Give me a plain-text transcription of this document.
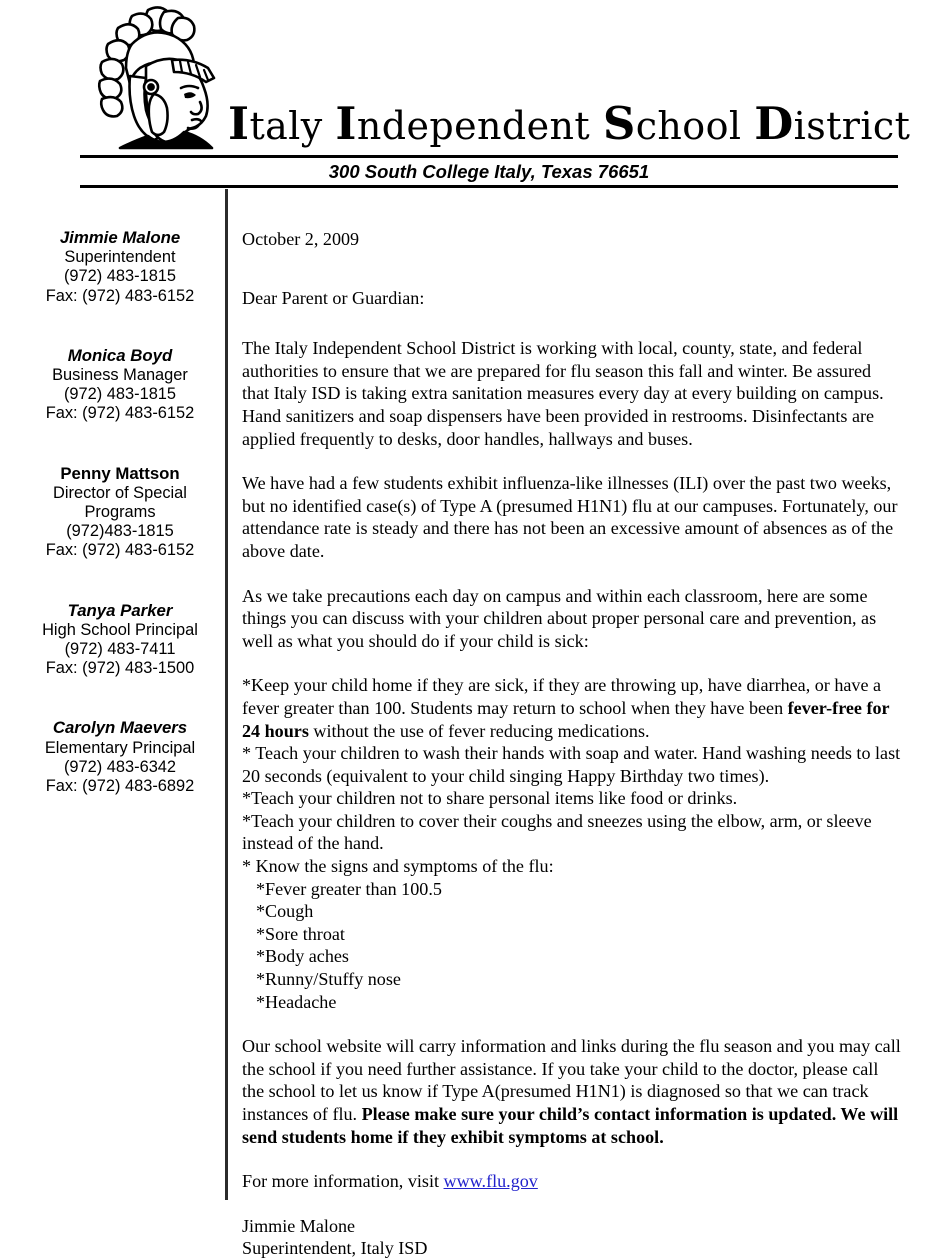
Italy Independent School District
300 South College Italy, Texas 76651
Jimmie Malone
Superintendent
(972) 483-1815
Fax: (972) 483-6152
Monica Boyd
Business Manager
(972) 483-1815
Fax: (972) 483-6152
Penny Mattson
Director of Special
Programs
(972)483-1815
Fax: (972) 483-6152
Tanya Parker
High School Principal
(972) 483-7411
Fax: (972) 483-1500
Carolyn Maevers
Elementary Principal
(972) 483-6342
Fax: (972) 483-6892

October 2, 2009

Dear Parent or Guardian:

The Italy Independent School District is working with local, county, state, and federal authorities to ensure that we are prepared for flu season this fall and winter. Be assured that Italy ISD is taking extra sanitation measures every day at every building on campus. Hand sanitizers and soap dispensers have been provided in restrooms. Disinfectants are applied frequently to desks, door handles, hallways and buses.

We have had a few students exhibit influenza-like illnesses (ILI) over the past two weeks, but no identified case(s) of Type A (presumed H1N1) flu at our campuses. Fortunately, our attendance rate is steady and there has not been an excessive amount of absences as of the above date.

As we take precautions each day on campus and within each classroom, here are some things you can discuss with your children about proper personal care and prevention, as well as what you should do if your child is sick:

*Keep your child home if they are sick, if they are throwing up, have diarrhea, or have a fever greater than 100. Students may return to school when they have been fever-free for 24 hours without the use of fever reducing medications.

* Teach your children to wash their hands with soap and water. Hand washing needs to last 20 seconds (equivalent to your child singing Happy Birthday two times).

*Teach your children not to share personal items like food or drinks.

*Teach your children to cover their coughs and sneezes using the elbow, arm, or sleeve instead of the hand.

* Know the signs and symptoms of the flu:

*Fever greater than 100.5

*Cough

*Sore throat

*Body aches

*Runny/Stuffy nose

*Headache

Our school website will carry information and links during the flu season and you may call the school if you need further assistance. If you take your child to the doctor, please call the school to let us know if Type A(presumed H1N1) is diagnosed so that we can track instances of flu. Please make sure your child’s contact information is updated. We will send students home if they exhibit symptoms at school.

For more information, visit www.flu.gov

Jimmie Malone

Superintendent, Italy ISD
